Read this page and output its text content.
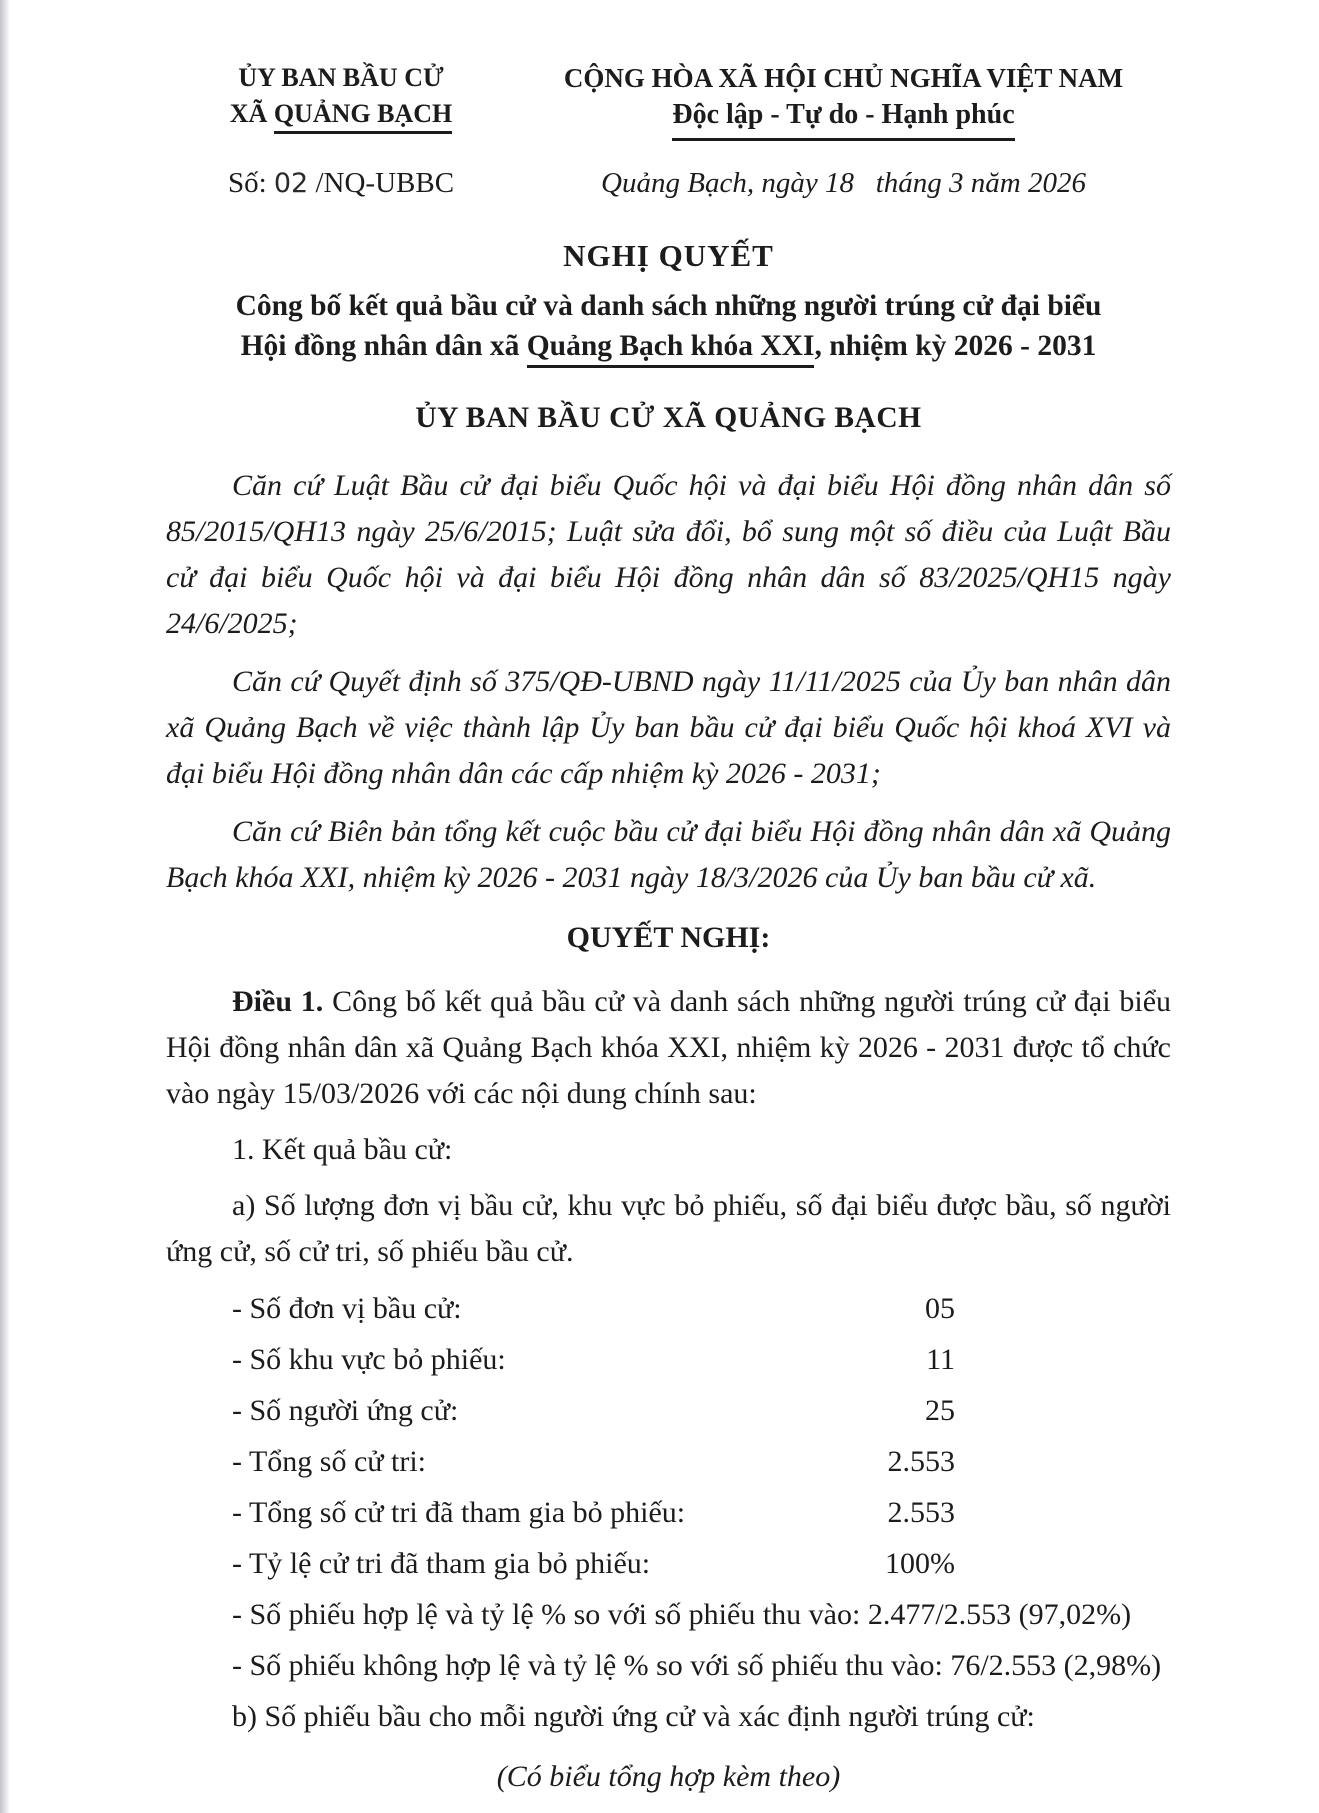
ỦY BAN BẦU CỬ
XÃ QUẢNG BẠCH
CỘNG HÒA XÃ HỘI CHỦ NGHĨA VIỆT NAM
Độc lập - Tự do - Hạnh phúc
Số: 02 /NQ-UBBC	Quảng Bạch, ngày 18   tháng 3 năm 2026
NGHỊ QUYẾT
Công bố kết quả bầu cử và danh sách những người trúng cử đại biểu
Hội đồng nhân dân xã Quảng Bạch khóa XXI, nhiệm kỳ 2026 - 2031
ỦY BAN BẦU CỬ XÃ QUẢNG BẠCH

Căn cứ Luật Bầu cử đại biểu Quốc hội và đại biểu Hội đồng nhân dân số 85/2015/QH13 ngày 25/6/2015; Luật sửa đổi, bổ sung một số điều của Luật Bầu cử đại biểu Quốc hội và đại biểu Hội đồng nhân dân số 83/2025/QH15 ngày 24/6/2025;

Căn cứ Quyết định số 375/QĐ-UBND ngày 11/11/2025 của Ủy ban nhân dân xã Quảng Bạch về việc thành lập Ủy ban bầu cử đại biểu Quốc hội khoá XVI và đại biểu Hội đồng nhân dân các cấp nhiệm kỳ 2026 - 2031;

Căn cứ Biên bản tổng kết cuộc bầu cử đại biểu Hội đồng nhân dân xã Quảng Bạch khóa XXI, nhiệm kỳ 2026 - 2031 ngày 18/3/2026 của Ủy ban bầu cử xã.

QUYẾT NGHỊ:

Điều 1. Công bố kết quả bầu cử và danh sách những người trúng cử đại biểu Hội đồng nhân dân xã Quảng Bạch khóa XXI, nhiệm kỳ 2026 - 2031 được tổ chức vào ngày 15/03/2026 với các nội dung chính sau:

1. Kết quả bầu cử:

a) Số lượng đơn vị bầu cử, khu vực bỏ phiếu, số đại biểu được bầu, số người ứng cử, số cử tri, số phiếu bầu cử.

- Số đơn vị bầu cử:	05
- Số khu vực bỏ phiếu:	11
- Số người ứng cử:	25
- Tổng số cử tri:	2.553
- Tổng số cử tri đã tham gia bỏ phiếu:	2.553
- Tỷ lệ cử tri đã tham gia bỏ phiếu:	100%
- Số phiếu hợp lệ và tỷ lệ % so với số phiếu thu vào: 2.477/2.553 (97,02%)
- Số phiếu không hợp lệ và tỷ lệ % so với số phiếu thu vào: 76/2.553 (2,98%)
b) Số phiếu bầu cho mỗi người ứng cử và xác định người trúng cử:
(Có biểu tổng hợp kèm theo)
